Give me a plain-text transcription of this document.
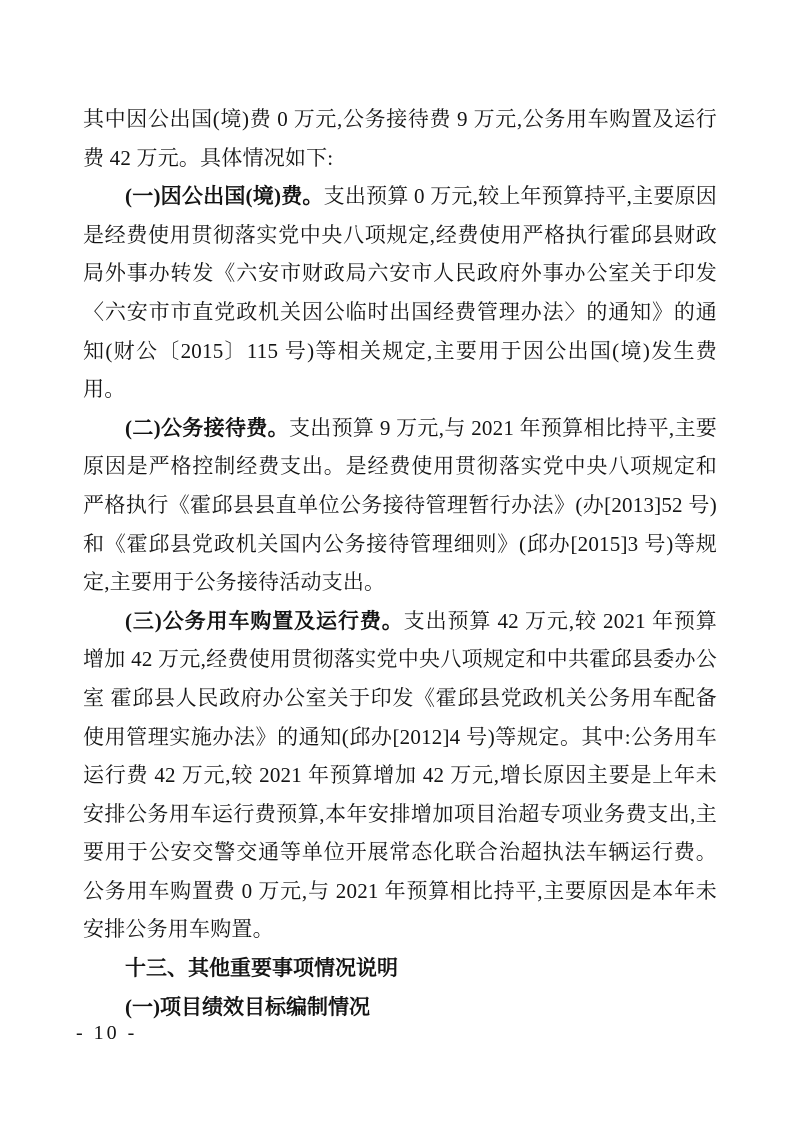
其中因公出国(境)费 0 万元,公务接待费 9 万元,公务用车购置及运行费 42 万元。具体情况如下:

(一)因公出国(境)费。支出预算 0 万元,较上年预算持平,主要原因是经费使用贯彻落实党中央八项规定,经费使用严格执行霍邱县财政局外事办转发《六安市财政局六安市人民政府外事办公室关于印发〈六安市市直党政机关因公临时出国经费管理办法〉的通知》的通知(财公〔2015〕115 号)等相关规定,主要用于因公出国(境)发生费用。

(二)公务接待费。支出预算 9 万元,与 2021 年预算相比持平,主要原因是严格控制经费支出。是经费使用贯彻落实党中央八项规定和严格执行《霍邱县县直单位公务接待管理暂行办法》(办[2013]52 号)和《霍邱县党政机关国内公务接待管理细则》(邱办[2015]3 号)等规定,主要用于公务接待活动支出。

(三)公务用车购置及运行费。支出预算 42 万元,较 2021 年预算增加 42 万元,经费使用贯彻落实党中央八项规定和中共霍邱县委办公室 霍邱县人民政府办公室关于印发《霍邱县党政机关公务用车配备使用管理实施办法》的通知(邱办[2012]4 号)等规定。其中:公务用车运行费 42 万元,较 2021 年预算增加 42 万元,增长原因主要是上年未安排公务用车运行费预算,本年安排增加项目治超专项业务费支出,主要用于公安交警交通等单位开展常态化联合治超执法车辆运行费。公务用车购置费 0 万元,与 2021 年预算相比持平,主要原因是本年未安排公务用车购置。

十三、其他重要事项情况说明
(一)项目绩效目标编制情况
- 10 -
